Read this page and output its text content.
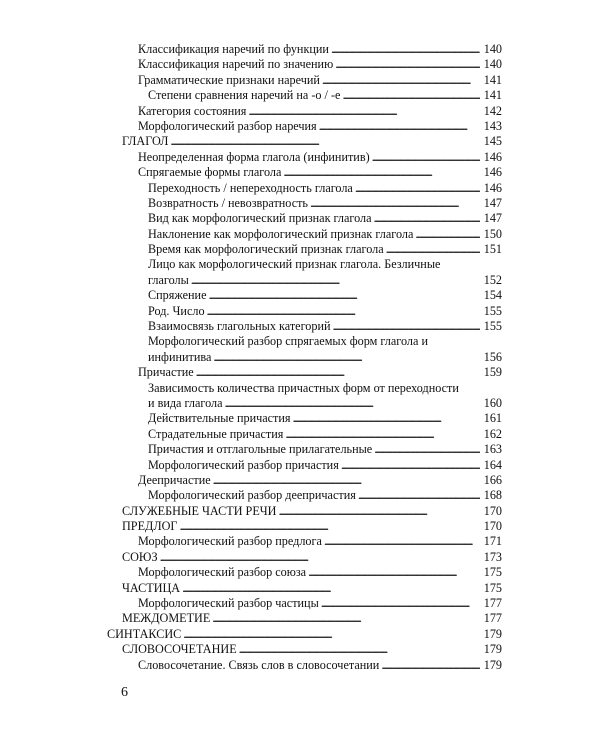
Классификация наречий по функции . . .	140
Классификация наречий по значению . . .	140
Грамматические признаки наречий . . .	141
Степени сравнения наречий на -о / -е . . .	141
Категория состояния . . .	142
Морфологический разбор наречия . . .	143
ГЛАГОЛ . . .	145
Неопределенная форма глагола (инфинитив) . . .	146
Спрягаемые формы глагола . . .	146
Переходность / непереходность глагола . . .	146
Возвратность / невозвратность . . .	147
Вид как морфологический признак глагола . . .	147
Наклонение как морфологический признак глагола . . .	150
Время как морфологический признак глагола . . .	151
Лицо как морфологический признак глагола. Безличные
глаголы . . .	152
Спряжение . . .	154
Род. Число . . .	155
Взаимосвязь глагольных категорий . . .	155
Морфологический разбор спрягаемых форм глагола и
инфинитива . . .	156
Причастие . . .	159
Зависимость количества причастных форм от переходности
и вида глагола . . .	160
Действительные причастия . . .	161
Страдательные причастия . . .	162
Причастия и отглагольные прилагательные . . .	163
Морфологический разбор причастия . . .	164
Деепричастие . . .	166
Морфологический разбор деепричастия . . .	168
СЛУЖЕБНЫЕ ЧАСТИ РЕЧИ . . .	170
ПРЕДЛОГ . . .	170
Морфологический разбор предлога . . .	171
СОЮЗ . . .	173
Морфологический разбор союза . . .	175
ЧАСТИЦА . . .	175
Морфологический разбор частицы . . .	177
МЕЖДОМЕТИЕ . . .	177
СИНТАКСИС . . .	179
СЛОВОСОЧЕТАНИЕ . . .	179
Словосочетание. Связь слов в словосочетании . . .	179
6
